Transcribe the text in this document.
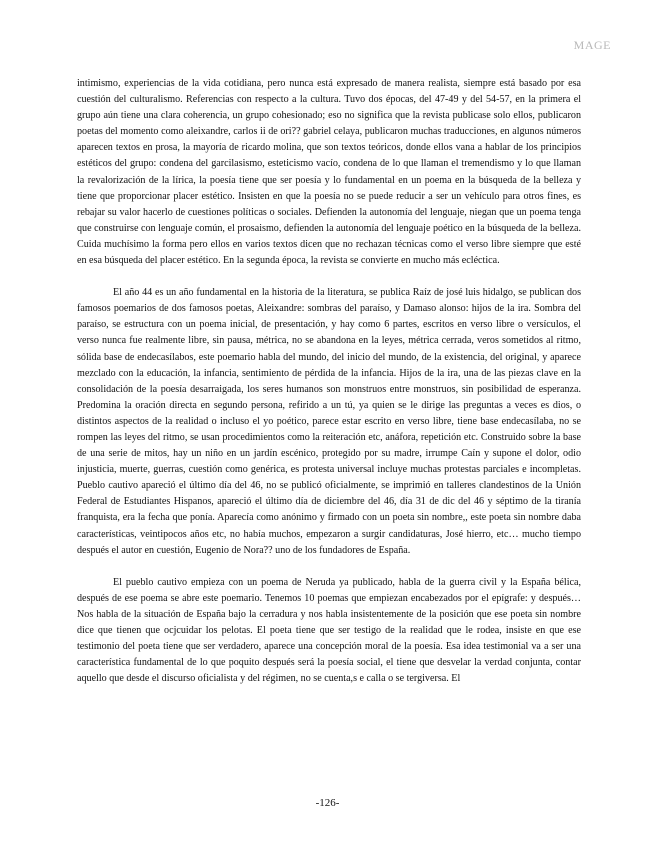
MAGE

intimismo, experiencias de la vida cotidiana, pero nunca está expresado de manera realista, siempre está basado por esa cuestión del culturalismo. Referencias con respecto a la cultura. Tuvo dos épocas, del 47-49 y del 54-57, en la primera el grupo aún tiene una clara coherencia, un grupo cohesionado; eso no significa que la revista publicase solo ellos, publicaron poetas del momento como aleixandre, carlos ii de ori?? gabriel celaya, publicaron muchas traducciones, en algunos números aparecen textos en prosa, la mayoría de ricardo molina, que son textos teóricos, donde ellos vana a hablar de los principios estéticos del grupo: condena del garcilasismo, esteticismo vacío, condena de lo que llaman el tremendismo y lo que llaman la revalorización de la lírica, la poesía tiene que ser poesía y lo fundamental en un poema en la búsqueda de la belleza y tiene que proporcionar placer estético. Insisten en que la poesía no se puede reducir a ser un vehículo para otros fines, es rebajar su valor hacerlo de cuestiones políticas o sociales. Defienden la autonomía del lenguaje, niegan que un poema tenga que construirse con lenguaje común, el prosaismo, defienden la autonomía del lenguaje poético en la búsqueda de la belleza. Cuida muchísimo la forma pero ellos en varios textos dicen que no rechazan técnicas como el verso libre siempre que esté en esa búsqueda del placer estético. En la segunda época, la revista se convierte en mucho más ecléctica.

El año 44 es un año fundamental en la historia de la literatura, se publica Raíz de josé luis hidalgo, se publican dos famosos poemarios de dos famosos poetas, Aleixandre: sombras del paraíso, y Damaso alonso: hijos de la ira. Sombra del paraíso, se estructura con un poema inicial, de presentación, y hay como 6 partes, escritos en verso libre o versículos, el verso nunca fue realmente libre, sin pausa, métrica, no se abandona en la leyes, métrica cerrada, veros sometidos al ritmo, sólida base de endecasílabos, este poemario habla del mundo, del inicio del mundo, de la existencia, del original, y aparece mezclado con la educación, la infancia, sentimiento de pérdida de la infancia. Hijos de la ira, una de las piezas clave en la consolidación de la poesía desarraigada, los seres humanos son monstruos entre monstruos, sin posibilidad de esperanza. Predomina la oración directa en segundo persona, refirido a un tú, ya quien se le dirige las preguntas a veces es dios, o distintos aspectos de la realidad o incluso el yo poético, parece estar escrito en verso libre, tiene base endecasílaba, no se rompen las leyes del ritmo, se usan procedimientos como la reiteración etc, anáfora, repetición etc. Construido sobre la base de una serie de mitos, hay un niño en un jardín escénico, protegido por su madre, irrumpe Caín y supone el dolor, odio injusticia, muerte, guerras, cuestión como genérica, es protesta universal incluye muchas protestas parciales e incompletas. Pueblo cautivo apareció el último día del 46, no se publicó oficialmente, se imprimió en talleres clandestinos de la Unión Federal de Estudiantes Hispanos, apareció el último día de diciembre del 46, día 31 de dic del 46 y séptimo de la tiranía franquista, era la fecha que ponía. Aparecía como anónimo y firmado con un poeta sin nombre,, este poeta sin nombre daba características, veintipocos años etc, no había muchos, empezaron a surgir candidaturas, José hierro, etc… mucho tiempo después el autor en cuestión, Eugenio de Nora?? uno de los fundadores de España.

El pueblo cautivo empieza con un poema de Neruda ya publicado, habla de la guerra civil y la España bélica, después de ese poema se abre este poemario. Tenemos 10 poemas que empiezan encabezados por el epígrafe: y después… Nos habla de la situación de España bajo la cerradura y nos habla insistentemente de la posición que ese poeta sin nombre dice que tienen que ocjcuidar los pelotas. El poeta tiene que ser testigo de la realidad que le rodea, insiste en que ese testimonio del poeta tiene que ser verdadero, aparece una concepción moral de la poesía. Esa idea testimonial va a ser una característica fundamental de lo que poquito después será la poesía social, el tiene que desvelar la verdad conjunta, contar aquello que desde el discurso oficialista y del régimen, no se cuenta,s e calla o se tergiversa. El

-126-
